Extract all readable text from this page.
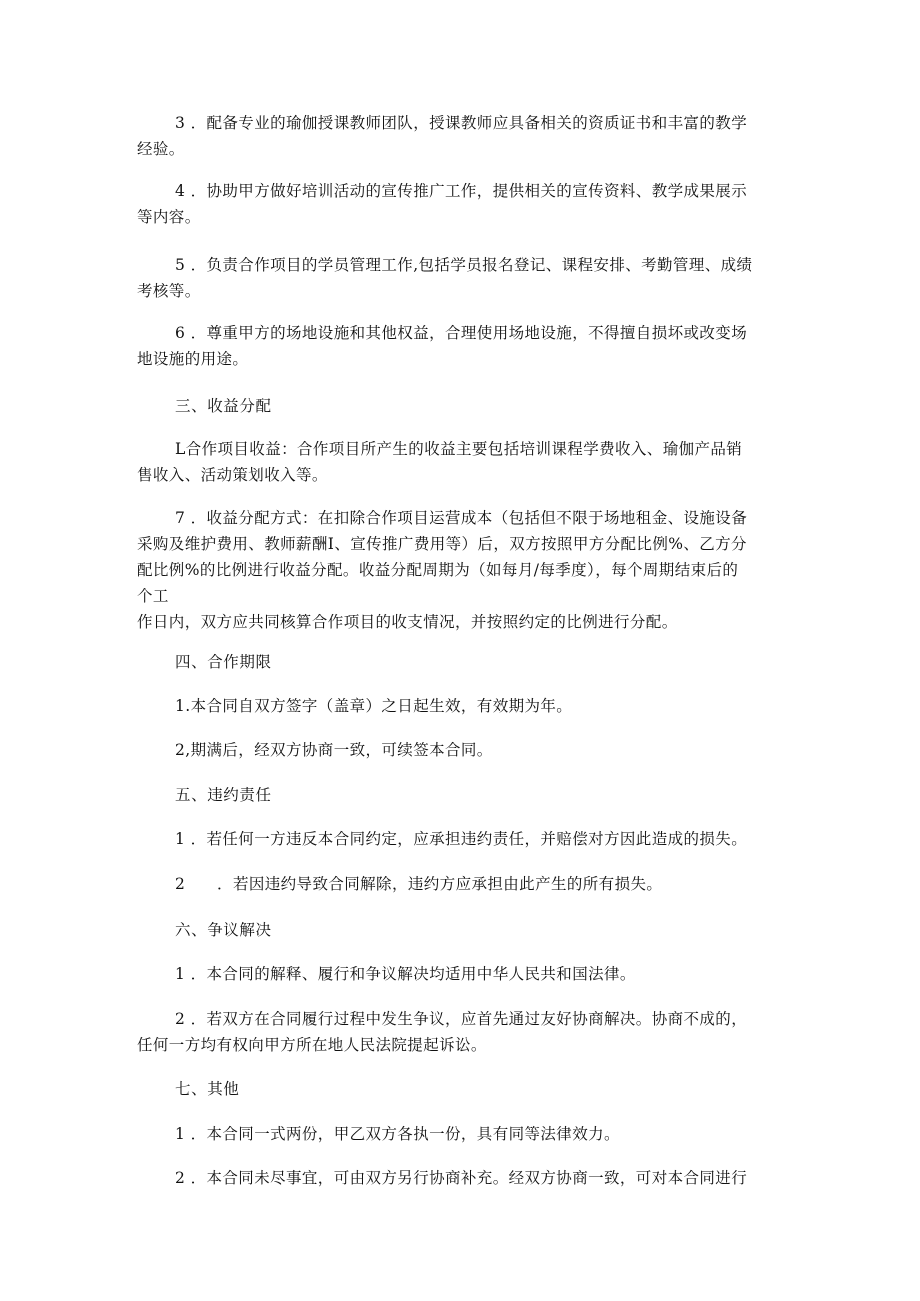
3 ．配备专业的瑜伽授课教师团队，授课教师应具备相关的资质证书和丰富的教学
经验。
4 ．协助甲方做好培训活动的宣传推广工作，提供相关的宣传资料、教学成果展示
等内容。
5 ．负责合作项目的学员管理工作,包括学员报名登记、课程安排、考勤管理、成绩
考核等。
6 ．尊重甲方的场地设施和其他权益，合理使用场地设施，不得擅自损坏或改变场
地设施的用途。
三、收益分配
L合作项目收益：合作项目所产生的收益主要包括培训课程学费收入、瑜伽产品销
售收入、活动策划收入等。
7 ．收益分配方式：在扣除合作项目运营成本（包括但不限于场地租金、设施设备
采购及维护费用、教师薪酬I、宣传推广费用等）后，双方按照甲方分配比例%、乙方分
配比例%的比例进行收益分配。收益分配周期为（如每月/每季度），每个周期结束后的
个工
作日内，双方应共同核算合作项目的收支情况，并按照约定的比例进行分配。
四、合作期限
1.本合同自双方签字（盖章）之日起生效，有效期为年。
2,期满后，经双方协商一致，可续签本合同。
五、违约责任
1 ．若任何一方违反本合同约定，应承担违约责任，并赔偿对方因此造成的损失。
2　　．若因违约导致合同解除，违约方应承担由此产生的所有损失。
六、争议解决
1 ．本合同的解释、履行和争议解决均适用中华人民共和国法律。
2 ．若双方在合同履行过程中发生争议，应首先通过友好协商解决。协商不成的，
任何一方均有权向甲方所在地人民法院提起诉讼。
七、其他
1 ．本合同一式两份，甲乙双方各执一份，具有同等法律效力。
2 ．本合同未尽事宜，可由双方另行协商补充。经双方协商一致，可对本合同进行
